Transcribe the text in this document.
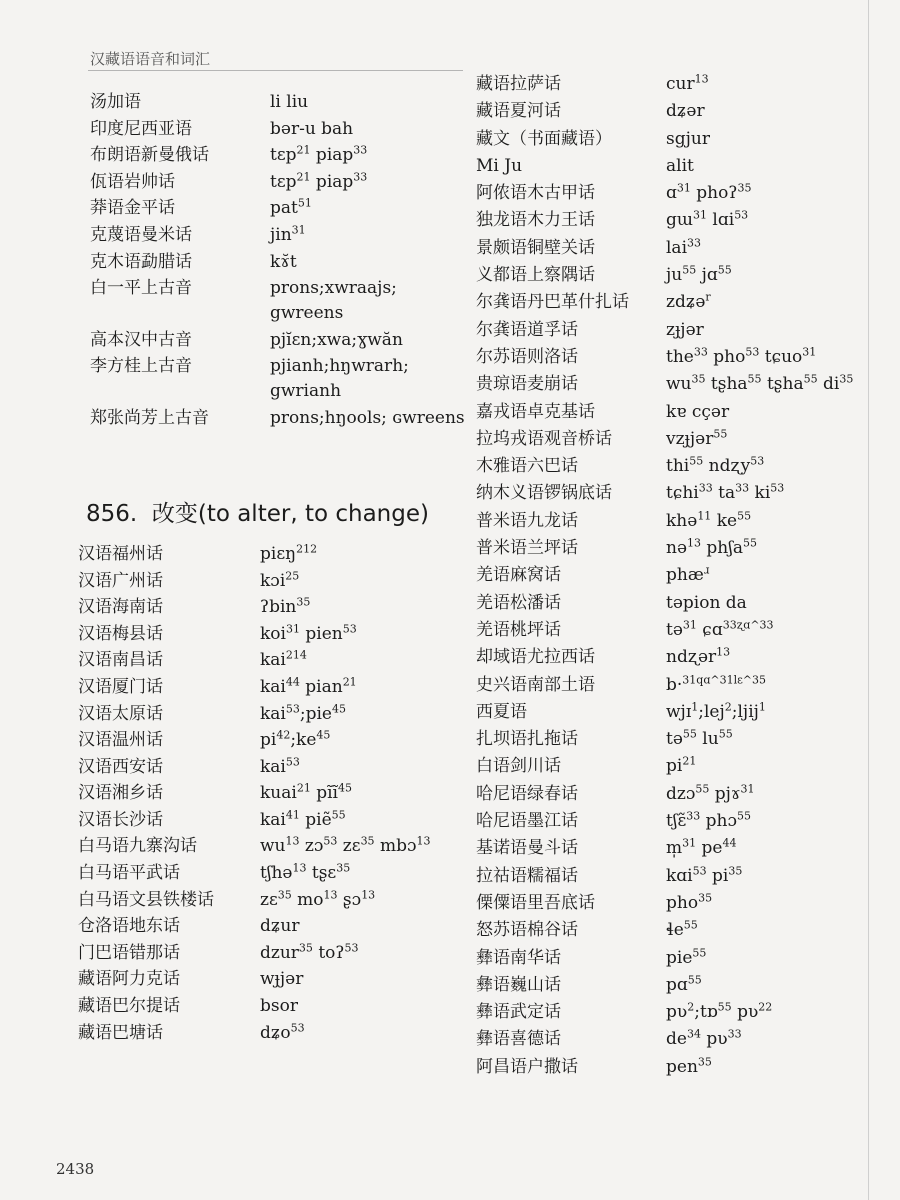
汉藏语语音和词汇
汤加语	li liu
印度尼西亚语	bər-u bah
布朗语新曼俄话	tɛp$^{21}$ piap$^{33}$
佤语岩帅话	tɛp$^{21}$ piap$^{33}$
莽语金平话	pat$^{51}$
克蔑语曼米话	jin$^{31}$
克木语勐腊话	kɤ̆t
白一平上古音	prons;xwraajs; gwreens
高本汉中古音	pjĭɛn;xwa;ɣwăn
李方桂上古音	pjianh;hŋwrarh; gwrianh
郑张尚芳上古音	prons;hŋools; ɢwreens
856. 改变(to alter, to change)
汉语福州话	piɛŋ$^{212}$
汉语广州话	kɔi$^{25}$
汉语海南话	ʔbin$^{35}$
汉语梅县话	koi$^{31}$ pien$^{53}$
汉语南昌话	kai$^{214}$
汉语厦门话	kai$^{44}$ pian$^{21}$
汉语太原话	kai$^{53}$;pie$^{45}$
汉语温州话	$pi^{42};ke^{45}$
汉语西安话	kai$^{53}$
汉语湘乡话	kuai$^{21}$ pĩĩ$^{45}$
汉语长沙话	kai$^{41}$ piẽ$^{55}$
白马语九寨沟话	$wu^{13}$ zɔ$^{53}$ zɛ$^{35}$ mbɔ$^{13}$
白马语平武话	tʃhə$^{13}$ tʂɛ$^{35}$
白马语文县铁楼话	zɛ$^{35}$ $mo^{13}$ ʂɔ$^{13}$
仓洛语地东话	dʑur
门巴语错那话	dzur$^{35}$ toʔ$^{53}$
藏语阿力克话	wɟjər
藏语巴尔提话	bsor
藏语巴塘话	dʑo$^{53}$
藏语拉萨话	cur$^{13}$
藏语夏河话	dʑər
藏文（书面藏语）	sgjur
Mi Ju	alit
阿侬语木古甲话	ɑ$^{31}$ phoʔ$^{35}$
独龙语木力王话	gɯ$^{31}$ lɑi$^{53}$
景颇语铜壁关话	lai$^{33}$
义都语上察隅话	$ju^{55}$ jɑ$^{55}$
尔龚语丹巴革什扎话	zdʑə$^r$
尔龚语道孚话	zɟjər
尔苏语则洛话	the$^{33}$ pho$^{53}$ tɕuo$^{31}$
贵琼语麦崩话	$wu^{35}$ tʂha$^{55}$ tʂha$^{55}$ $di^{35}$
嘉戎语卓克基话	kɐ cçər
拉坞戎语观音桥话	vzɟjər$^{55}$
木雅语六巴话	thi$^{55}$ ndʐy$^{53}$
纳木义语锣锅底话	tɕhi$^{33}$ $ta^{33}$ $ki^{53}$
普米语九龙话	khə$^{11}$ $ke^{55}$
普米语兰坪话	nə$^{13}$ phʃa$^{55}$
羌语麻窝话	phæ$^ɹ$
羌语松潘话	təpion da
羌语桃坪话	tə$^{31}$ ɕɑ$^{33ʐɑ\^{}33}$
却域语尤拉西话	ndʐər$^{13}$
史兴语南部土语	b·$^{31qɑ\^{}31lɛ\^{}35}$
西夏语	wjɪ$^1$;lej$^2$;ljij$^1$
扎坝语扎拖话	tə$^{55}$ $lu^{55}$
白语剑川话	$pi^{21}$
哈尼语绿春话	dzɔ$^{55}$ pjɤ$^{31}$
哈尼语墨江话	tʃɛ̃$^{33}$ phɔ$^{55}$
基诺语曼斗话	m̩$^{31}$ $pe^{44}$
拉祜语糯福话	kɑi$^{53}$ $pi^{35}$
傈僳语里吾底话	pho$^{35}$
怒苏语棉谷话	ɬe$^{55}$
彝语南华话	pie$^{55}$
彝语巍山话	pɑ$^{55}$
彝语武定话	pʋ$^2$;tɒ$^{55}$ pʋ$^{22}$
彝语喜德话	$de^{34}$ pʋ$^{33}$
阿昌语户撒话	pen$^{35}$
2438
